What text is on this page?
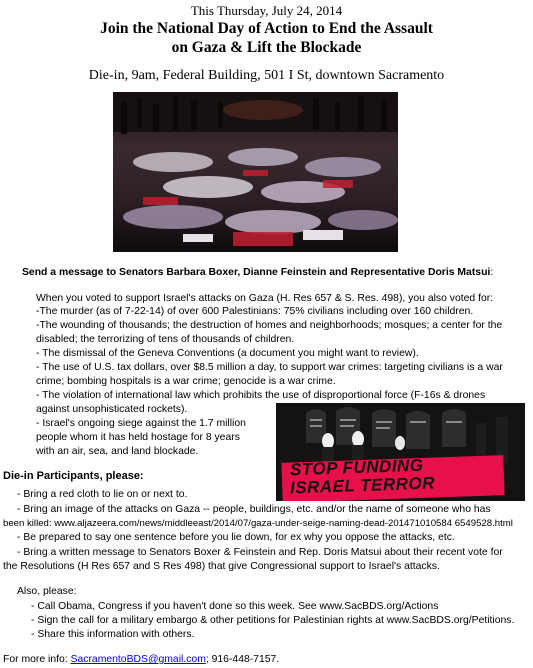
This Thursday, July 24, 2014
Join the National Day of Action to End the Assault
on Gaza & Lift the Blockade
Die-in, 9am, Federal Building, 501 I St, downtown Sacramento
Send a message to Senators Barbara Boxer, Dianne Feinstein and Representative Doris Matsui:
When you voted to support Israel's attacks on Gaza (H. Res 657 & S. Res. 498), you also voted for:
-The murder (as of 7-22-14) of over 600 Palestinians: 75% civilians including over 160 children.
-The wounding of thousands; the destruction of homes and neighborhoods; mosques; a center for the
disabled; the terrorizing of tens of thousands of children.
- The dismissal of the Geneva Conventions (a document you might want to review).
- The use of U.S. tax dollars, over $8.5 million a day, to support war crimes: targeting civilians is a war
crime; bombing hospitals is a war crime; genocide is a war crime.
- The violation of international law which prohibits the use of disproportional force (F-16s & drones
against unsophisticated rockets).
- Israel's ongoing siege against the 1.7 million
people whom it has held hostage for 8 years
with an air, sea, and land blockade.
STOP FUNDING
ISRAEL TERROR
Die-in Participants, please:
- Bring a red cloth to lie on or next to.
- Bring an image of the attacks on Gaza -- people, buildings, etc. and/or the name of someone who has
been killed: www.aljazeera.com/news/middleeast/2014/07/gaza-under-seige-naming-dead-201471010584 6549528.html
- Be prepared to say one sentence before you lie down, for ex why you oppose the attacks, etc.
- Bring a written message to Senators Boxer & Feinstein and Rep. Doris Matsui about their recent vote for
the Resolutions (H Res 657 and S Res 498) that give Congressional support to Israel's attacks.
Also, please:
- Call Obama, Congress if you haven't done so this week. See www.SacBDS.org/Actions
- Sign the call for a military embargo & other petitions for Palestinian rights at www.SacBDS.org/Petitions.
- Share this information with others.
For more info: SacramentoBDS@gmail.com; 916-448-7157.
